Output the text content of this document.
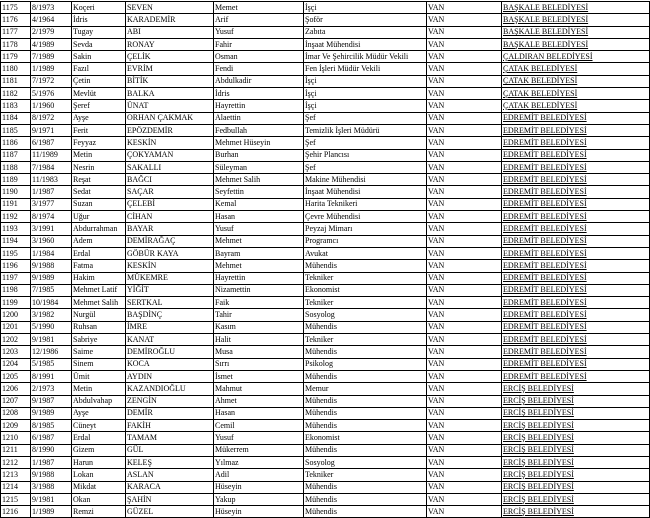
1175	8/1973	Koçeri	SEVEN	Memet	İşçi	VAN	BAŞKALE BELEDİYESİ
1176	4/1964	İdris	KARADEMİR	Arif	Şoför	VAN	BAŞKALE BELEDİYESİ
1177	2/1979	Tugay	ABI	Yusuf	Zabıta	VAN	BAŞKALE BELEDİYESİ
1178	4/1989	Sevda	RONAY	Fahir	İnşaat Mühendisi	VAN	BAŞKALE BELEDİYESİ
1179	7/1989	Sakin	ÇELİK	Osman	İmar Ve Şehircilik Müdür Vekili	VAN	ÇALDIRAN BELEDİYESİ
1180	1/1989	Fazıl	EVRİM	Fendi	Fen İşleri Müdür Vekili	VAN	ÇATAK BELEDİYESİ
1181	7/1972	Çetin	BİTİK	Abdulkadir	İşçi	VAN	ÇATAK BELEDİYESİ
1182	5/1976	Mevlüt	BALKA	İdris	İşçi	VAN	ÇATAK BELEDİYESİ
1183	1/1960	Şeref	ÜNAT	Hayrettin	İşçi	VAN	ÇATAK BELEDİYESİ
1184	8/1972	Ayşe	ORHAN ÇAKMAK	Alaettin	Şef	VAN	EDREMİT BELEDİYESİ
1185	9/1971	Ferit	EPÖZDEMİR	Fedbullah	Temizlik İşleri Müdürü	VAN	EDREMİT BELEDİYESİ
1186	6/1987	Feyyaz	KESKİN	Mehmet Hüseyin	Şef	VAN	EDREMİT BELEDİYESİ
1187	11/1989	Metin	ÇOKYAMAN	Burhan	Şehir Plancısı	VAN	EDREMİT BELEDİYESİ
1188	7/1984	Nesrin	SAKALLI	Süleyman	Şef	VAN	EDREMİT BELEDİYESİ
1189	11/1983	Reşat	BAĞCI	Mehmet Salih	Makine Mühendisi	VAN	EDREMİT BELEDİYESİ
1190	1/1987	Sedat	SAÇAR	Seyfettin	İnşaat Mühendisi	VAN	EDREMİT BELEDİYESİ
1191	3/1977	Suzan	ÇELEBİ	Kemal	Harita Teknikeri	VAN	EDREMİT BELEDİYESİ
1192	8/1974	Uğur	CİHAN	Hasan	Çevre Mühendisi	VAN	EDREMİT BELEDİYESİ
1193	3/1991	Abdurrahman	BAYAR	Yusuf	Peyzaj Mimarı	VAN	EDREMİT BELEDİYESİ
1194	3/1960	Adem	DEMİRAĞAÇ	Mehmet	Programcı	VAN	EDREMİT BELEDİYESİ
1195	1/1984	Erdal	GÖBÜR KAYA	Bayram	Avukat	VAN	EDREMİT BELEDİYESİ
1196	9/1988	Fatma	KESKİN	Mehmet	Mühendis	VAN	EDREMİT BELEDİYESİ
1197	9/1989	Hakim	MÜKEMRE	Hayrettin	Tekniker	VAN	EDREMİT BELEDİYESİ
1198	7/1985	Mehmet Latif	YİĞİT	Nizamettin	Ekonomist	VAN	EDREMİT BELEDİYESİ
1199	10/1984	Mehmet Salih	SERTKAL	Faik	Tekniker	VAN	EDREMİT BELEDİYESİ
1200	3/1982	Nurgül	BAŞDİNÇ	Tahir	Sosyolog	VAN	EDREMİT BELEDİYESİ
1201	5/1990	Ruhsan	İMRE	Kasım	Mühendis	VAN	EDREMİT BELEDİYESİ
1202	9/1981	Sabriye	KANAT	Halit	Tekniker	VAN	EDREMİT BELEDİYESİ
1203	12/1986	Saime	DEMİROĞLU	Musa	Mühendis	VAN	EDREMİT BELEDİYESİ
1204	5/1985	Sinem	KOCA	Sırrı	Psikolog	VAN	EDREMİT BELEDİYESİ
1205	8/1991	Ümit	AYDIN	İsmet	Mühendis	VAN	EDREMİT BELEDİYESİ
1206	2/1973	Metin	KAZANDIOĞLU	Mahmut	Memur	VAN	ERCİŞ BELEDİYESİ
1207	9/1987	Abdulvahap	ZENGİN	Ahmet	Mühendis	VAN	ERCİŞ BELEDİYESİ
1208	9/1989	Ayşe	DEMİR	Hasan	Mühendis	VAN	ERCİŞ BELEDİYESİ
1209	8/1985	Cüneyt	FAKİH	Cemil	Mühendis	VAN	ERCİŞ BELEDİYESİ
1210	6/1987	Erdal	TAMAM	Yusuf	Ekonomist	VAN	ERCİŞ BELEDİYESİ
1211	8/1990	Gizem	GÜL	Mükerrem	Mühendis	VAN	ERCİŞ BELEDİYESİ
1212	1/1987	Harun	KELEŞ	Yılmaz	Sosyolog	VAN	ERCİŞ BELEDİYESİ
1213	9/1988	Lokan	ASLAN	Adil	Tekniker	VAN	ERCİŞ BELEDİYESİ
1214	3/1988	Mikdat	KARACA	Hüseyin	Mühendis	VAN	ERCİŞ BELEDİYESİ
1215	9/1981	Okan	ŞAHİN	Yakup	Mühendis	VAN	ERCİŞ BELEDİYESİ
1216	1/1989	Remzi	GÜZEL	Hüseyin	Mühendis	VAN	ERCİŞ BELEDİYESİ
